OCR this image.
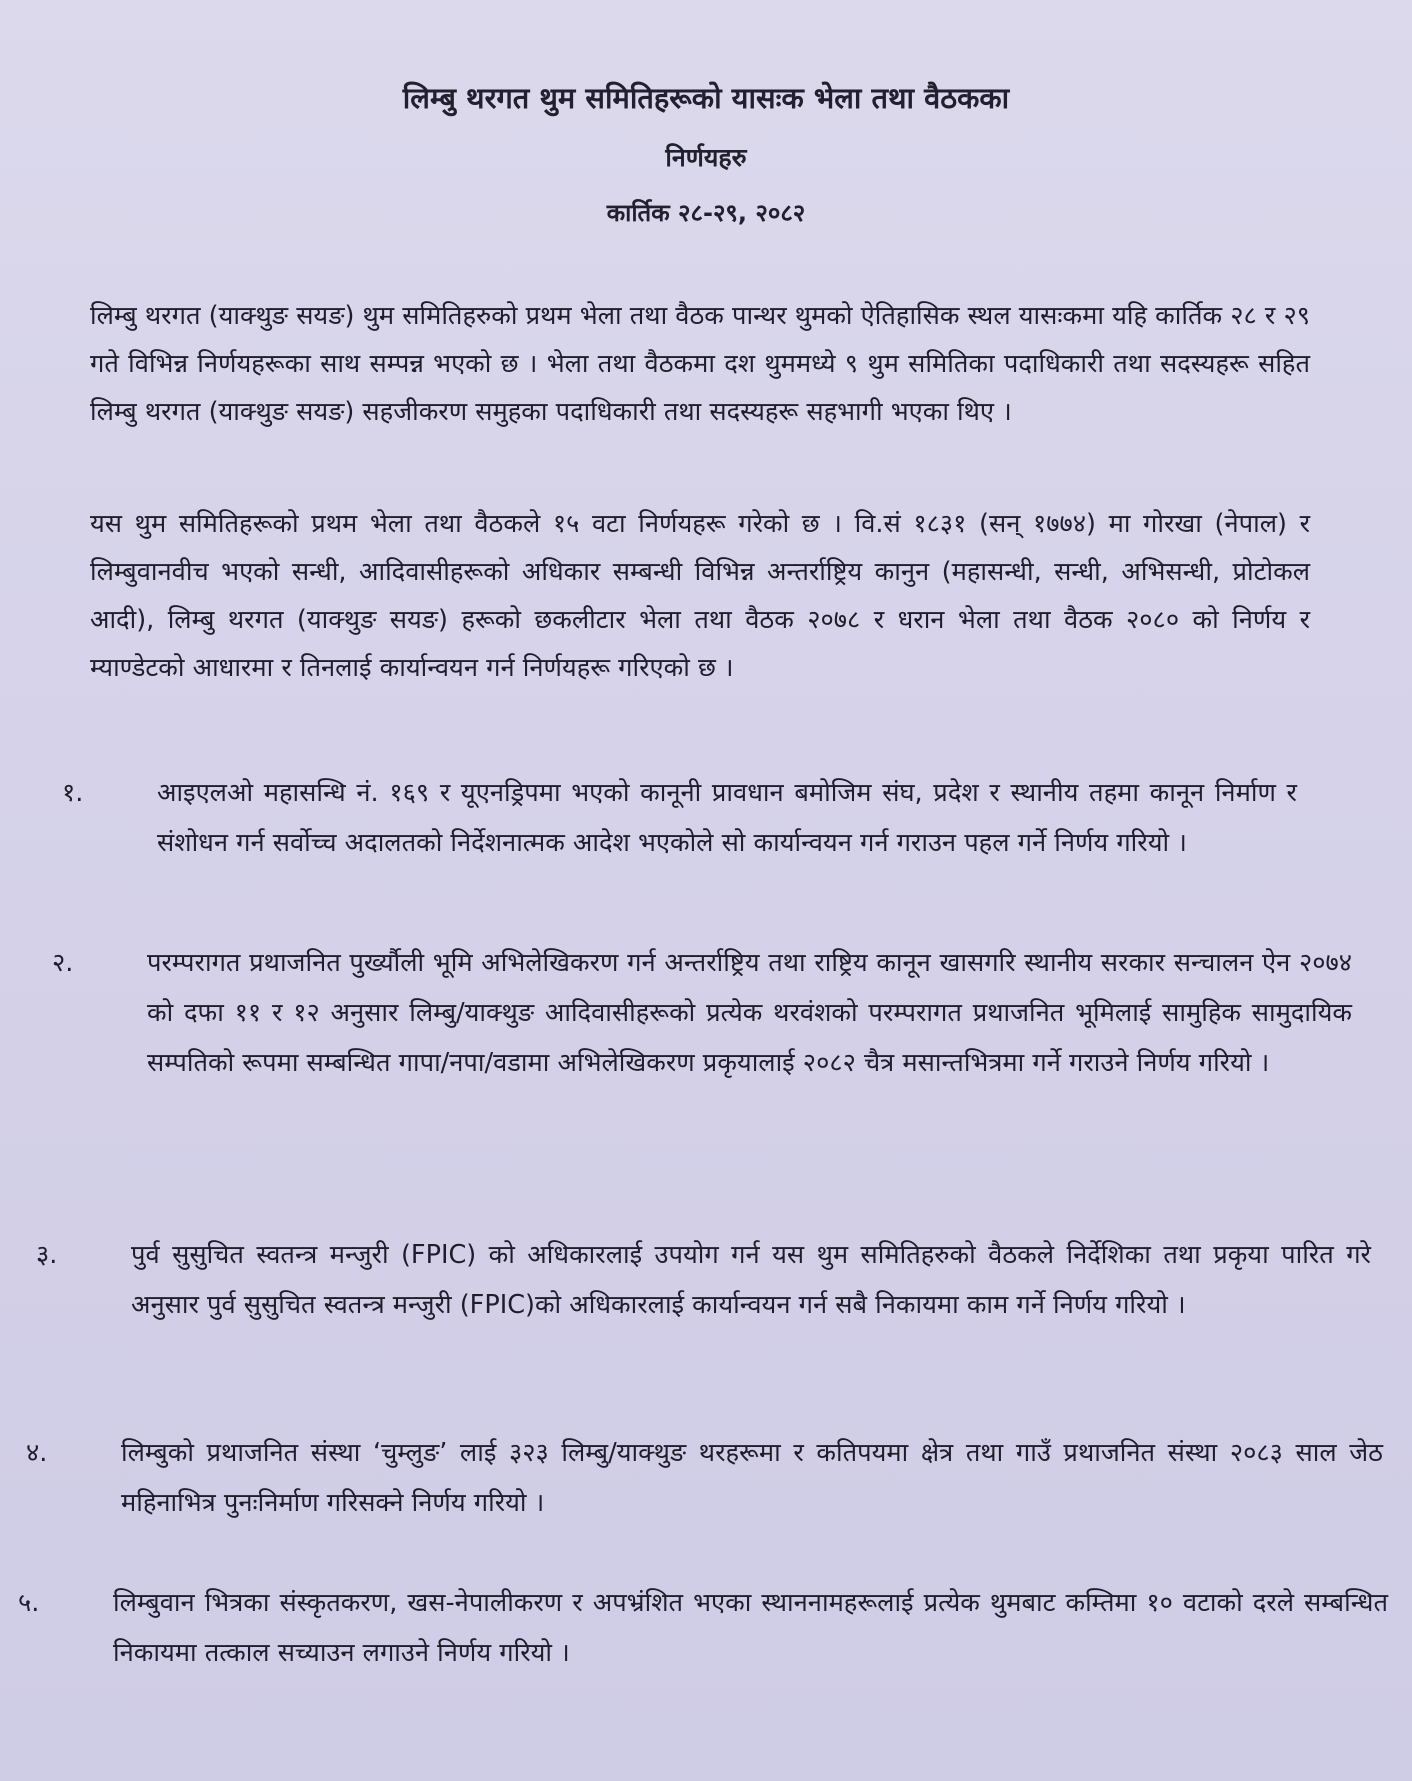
लिम्बु थरगत थुम समितिहरूको यासःक भेला तथा वैठकका
निर्णयहरु
कार्तिक २८-२९, २०८२

लिम्बु थरगत (याक्थुङ सयङ) थुम समितिहरुको प्रथम भेला तथा वैठक पान्थर थुमको ऐतिहासिक स्थल यासःकमा यहि कार्तिक २८ र २९ गते विभिन्न निर्णयहरूका साथ सम्पन्न भएको छ । भेला तथा वैठकमा दश थुममध्ये ९ थुम समितिका पदाधिकारी तथा सदस्यहरू सहित लिम्बु थरगत (याक्थुङ सयङ) सहजीकरण समुहका पदाधिकारी तथा सदस्यहरू सहभागी भएका थिए ।

यस थुम समितिहरूको प्रथम भेला तथा वैठकले १५ वटा निर्णयहरू गरेको छ । वि.सं १८३१ (सन् १७७४) मा गोरखा (नेपाल) र लिम्बुवानवीच भएको सन्धी, आदिवासीहरूको अधिकार सम्बन्धी विभिन्न अन्तर्राष्ट्रिय कानुन (महासन्धी, सन्धी, अभिसन्धी, प्रोटोकल आदी), लिम्बु थरगत (याक्थुङ सयङ) हरूको छकलीटार भेला तथा वैठक २०७८ र धरान भेला तथा वैठक २०८० को निर्णय र म्याण्डेटको आधारमा र तिनलाई कार्यान्वयन गर्न निर्णयहरू गरिएको छ ।

१.	आइएलओ महासन्धि नं. १६९ र यूएनड्रिपमा भएको कानूनी प्रावधान बमोजिम संघ, प्रदेश र स्थानीय तहमा कानून निर्माण र संशोधन गर्न सर्वोच्च अदालतको निर्देशनात्मक आदेश भएकोले सो कार्यान्वयन गर्न गराउन पहल गर्ने निर्णय गरियो ।
२.	परम्परागत प्रथाजनित पुर्ख्यौली भूमि अभिलेखिकरण गर्न अन्तर्राष्ट्रिय तथा राष्ट्रिय कानून खासगरि स्थानीय सरकार सन्चालन ऐन २०७४ को दफा ११ र १२ अनुसार लिम्बु/याक्थुङ आदिवासीहरूको प्रत्येक थरवंशको परम्परागत प्रथाजनित भूमिलाई सामुहिक सामुदायिक सम्पतिको रूपमा सम्बन्धित गापा/नपा/वडामा अभिलेखिकरण प्रकृयालाई २०८२ चैत्र मसान्तभित्रमा गर्ने गराउने निर्णय गरियो ।
३.	पुर्व सुसुचित स्वतन्त्र मन्जुरी (FPIC) को अधिकारलाई उपयोग गर्न यस थुम समितिहरुको वैठकले निर्देशिका तथा प्रकृया पारित गरे अनुसार पुर्व सुसुचित स्वतन्त्र मन्जुरी (FPIC)को अधिकारलाई कार्यान्वयन गर्न सबै निकायमा काम गर्ने निर्णय गरियो ।
४.	लिम्बुको प्रथाजनित संस्था ‘चुम्लुङ’ लाई ३२३ लिम्बु/याक्थुङ थरहरूमा र कतिपयमा क्षेत्र तथा गाउँ प्रथाजनित संस्था २०८३ साल जेठ महिनाभित्र पुनःनिर्माण गरिसक्ने निर्णय गरियो ।
५.	लिम्बुवान भित्रका संस्कृतकरण, खस-नेपालीकरण र अपभ्रंशित भएका स्थाननामहरूलाई प्रत्येक थुमबाट कम्तिमा १० वटाको दरले सम्बन्धित निकायमा तत्काल सच्याउन लगाउने निर्णय गरियो ।
